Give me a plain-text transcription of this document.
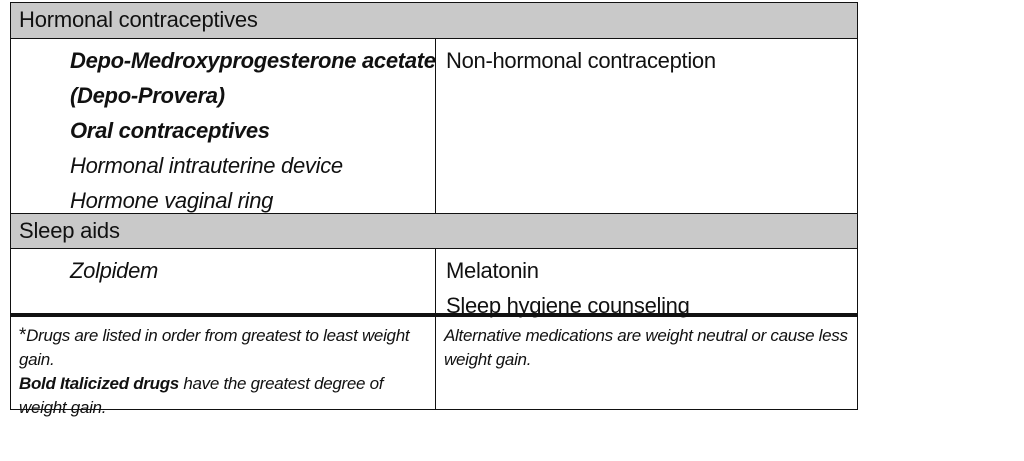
Hormonal contraceptives
Depo-Medroxyprogesterone acetate
(Depo-Provera)
Oral contraceptives
Hormonal intrauterine device
Hormone vaginal ring
Non-hormonal contraception
Sleep aids
Zolpidem	Melatonin
Sleep hygiene counseling
*Drugs are listed in order from greatest to least weight gain.
Bold Italicized drugs have the greatest degree of weight gain.
Alternative medications are weight neutral or cause less weight gain.
